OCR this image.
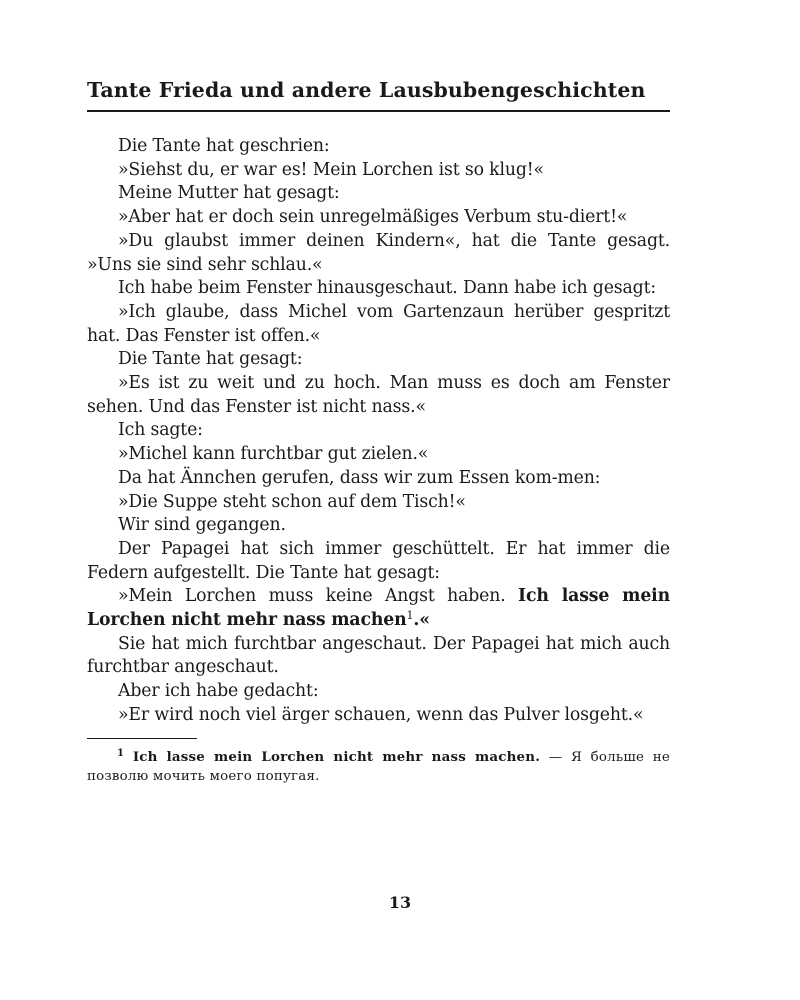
Tante Frieda und andere Lausbubengeschichten

Die Tante hat geschrien:

»Siehst du, er war es! Mein Lorchen ist so klug!«

Meine Mutter hat gesagt:

»Aber hat er doch sein unregelmäßiges Verbum stu-diert!«

»Du glaubst immer deinen Kindern«, hat die Tante gesagt. »Uns sie sind sehr schlau.«

Ich habe beim Fenster hinausgeschaut. Dann habe ich gesagt:

»Ich glaube, dass Michel vom Gartenzaun herüber gespritzt hat. Das Fenster ist offen.«

Die Tante hat gesagt:

»Es ist zu weit und zu hoch. Man muss es doch am Fenster sehen. Und das Fenster ist nicht nass.«

Ich sagte:

»Michel kann furchtbar gut zielen.«

Da hat Ännchen gerufen, dass wir zum Essen kom-men:

»Die Suppe steht schon auf dem Tisch!«

Wir sind gegangen.

Der Papagei hat sich immer geschüttelt. Er hat immer die Federn aufgestellt. Die Tante hat gesagt:

»Mein Lorchen muss keine Angst haben. Ich lasse mein Lorchen nicht mehr nass machen$^1$.«

Sie hat mich furchtbar angeschaut. Der Papagei hat mich auch furchtbar angeschaut.

Aber ich habe gedacht:

»Er wird noch viel ärger schauen, wenn das Pulver losgeht.«

$^1$ Ich lasse mein Lorchen nicht mehr nass machen. — Я больше не позволю мочить моего попугая.

13
